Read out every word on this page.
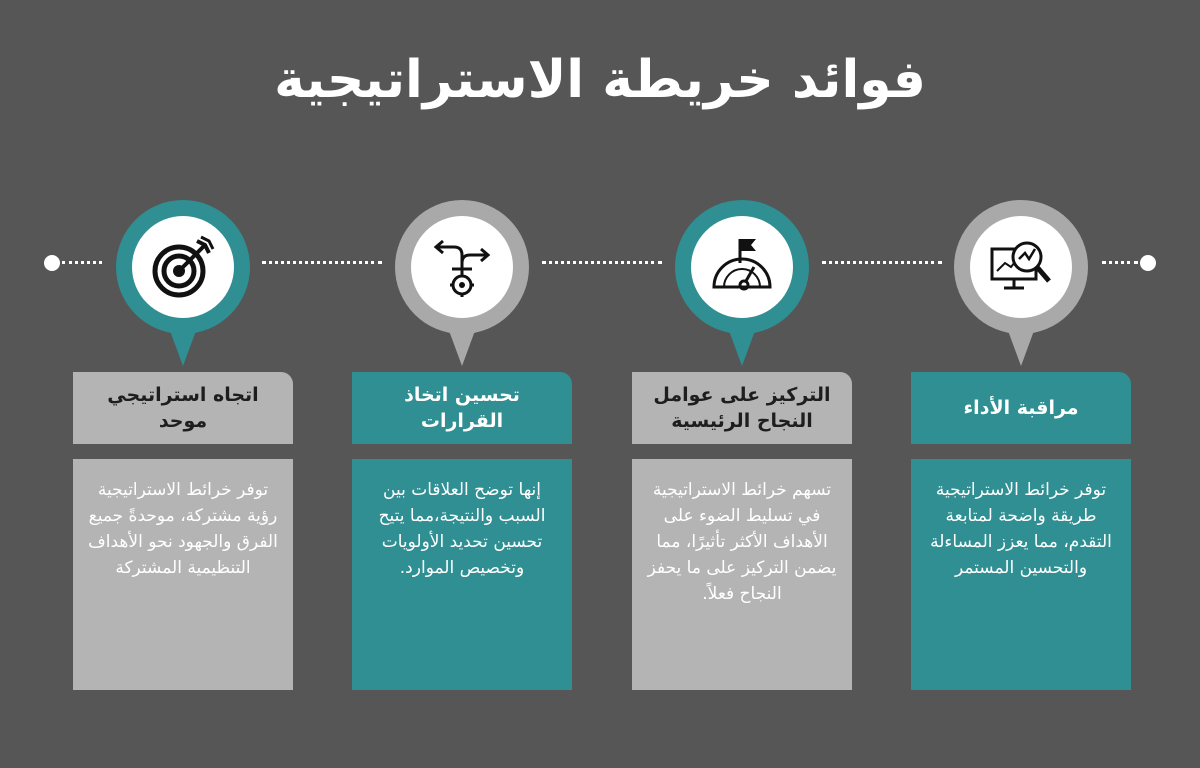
فوائد خريطة الاستراتيجية
اتجاه استراتيجي موحد
توفر خرائط الاستراتيجية رؤية مشتركة، موحدةً جميع الفرق والجهود نحو الأهداف التنظيمية المشتركة
تحسين اتخاذ القرارات
إنها توضح العلاقات بين السبب والنتيجة،مما يتيح تحسين تحديد الأولويات وتخصيص الموارد.
التركيز على عوامل النجاح الرئيسية
تسهم خرائط الاستراتيجية في تسليط الضوء على الأهداف الأكثر تأثيرًا، مما يضمن التركيز على ما يحفز النجاح فعلاً.
مراقبة الأداء
توفر خرائط الاستراتيجية طريقة واضحة لمتابعة التقدم، مما يعزز المساءلة والتحسين المستمر
